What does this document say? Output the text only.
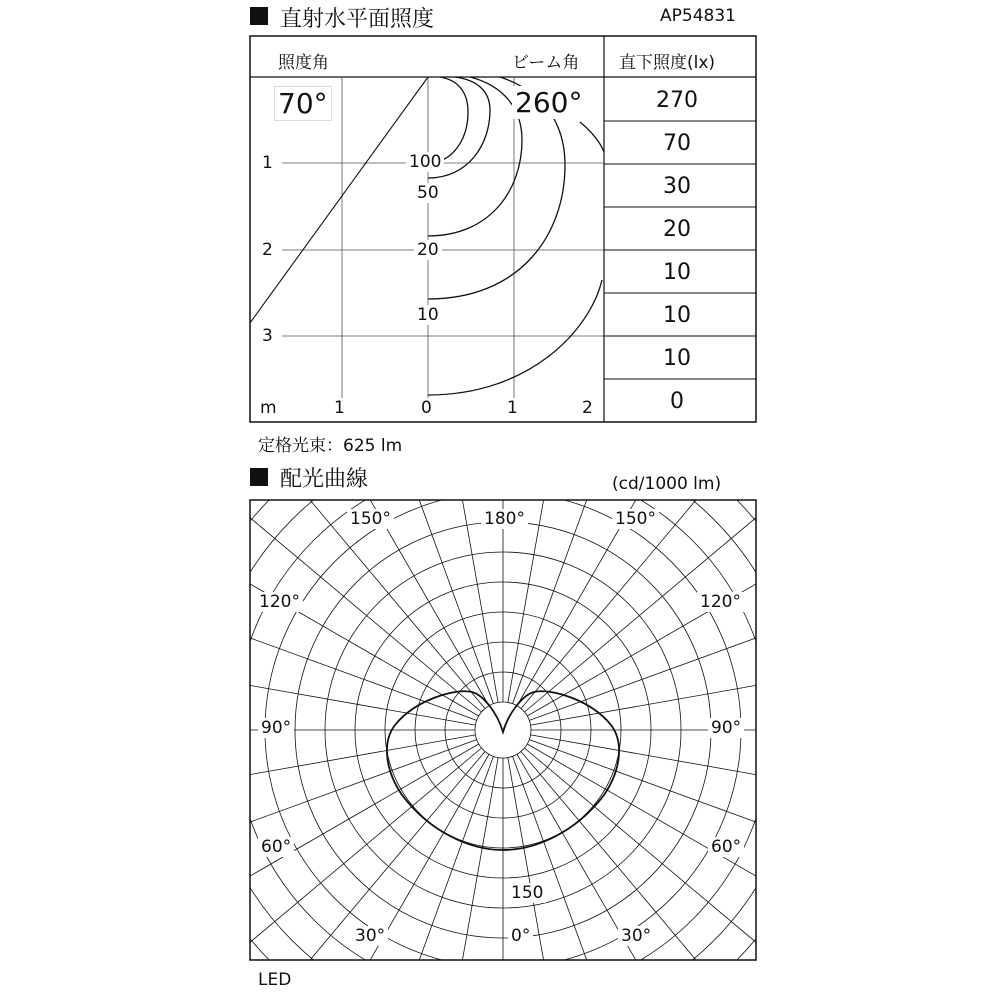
直射水平面照度	AP54831
照度角	ビーム角 直下照度(lx)
70°	260°
100
50
20
10
1
2
3
m	1	0	1	2
270
70
30
20
10
10
10
0
定格光束：625 lm
配光曲線	(cd/1000 lm)
150°	180°	150°
120°	120°
90°	90°
60°	60°
30°	0°	30°
150
LED
